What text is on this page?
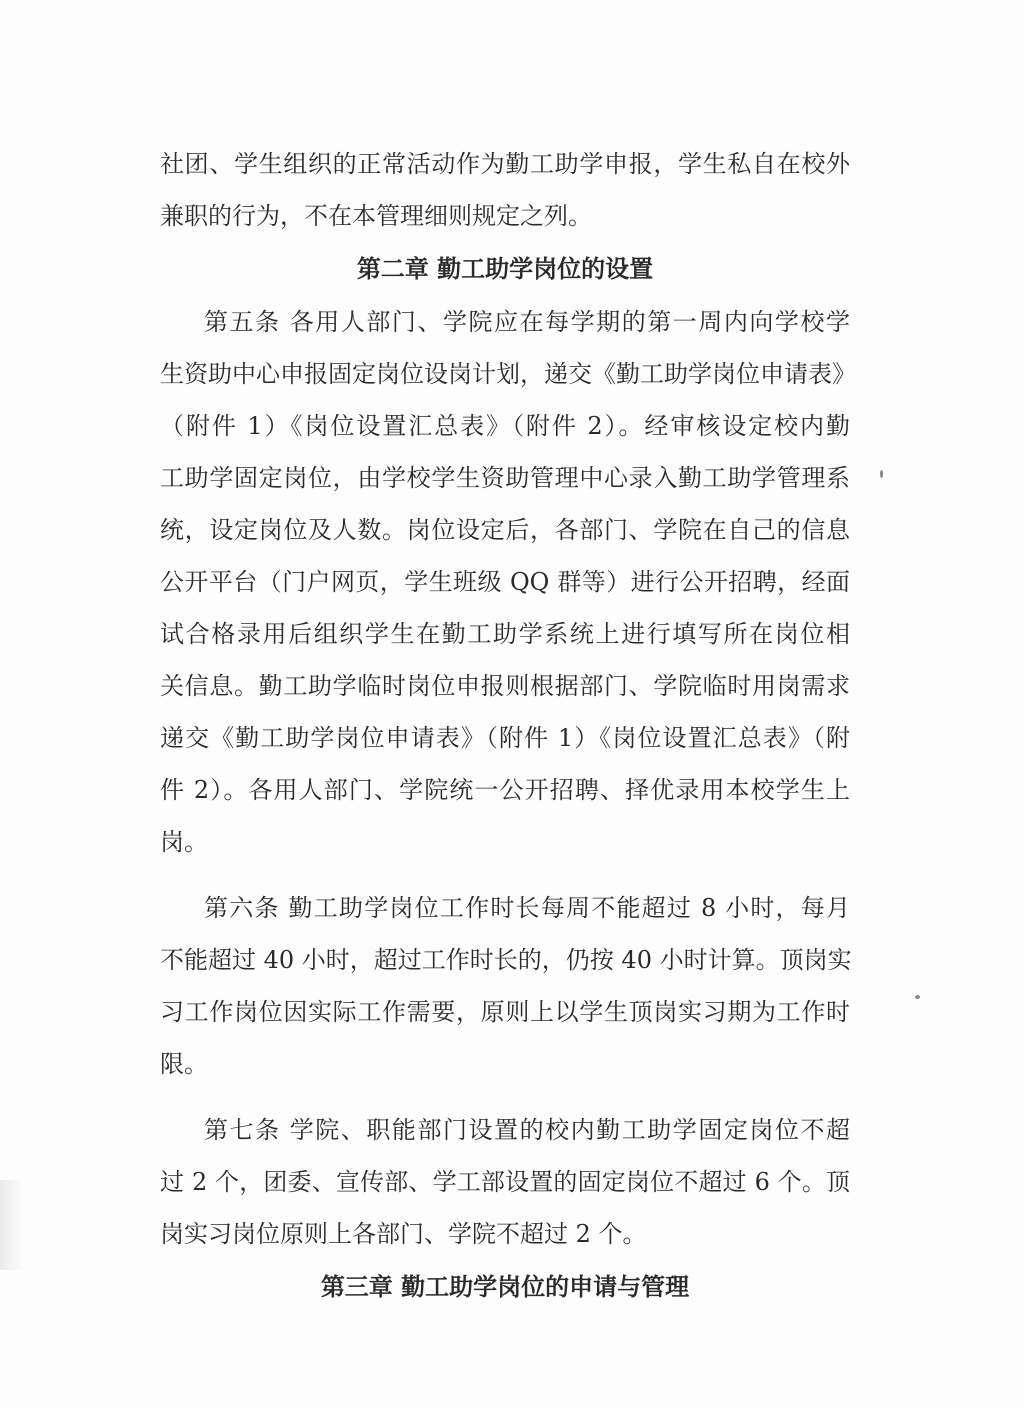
社团、学生组织的正常活动作为勤工助学申报，学生私自在校外
兼职的行为，不在本管理细则规定之列。
第二章 勤工助学岗位的设置
第五条 各用人部门、学院应在每学期的第一周内向学校学
生资助中心申报固定岗位设岗计划，递交《勤工助学岗位申请表》
（附件 1）《岗位设置汇总表》（附件 2）。经审核设定校内勤
工助学固定岗位，由学校学生资助管理中心录入勤工助学管理系
统，设定岗位及人数。岗位设定后，各部门、学院在自己的信息
公开平台（门户网页，学生班级 QQ 群等）进行公开招聘，经面
试合格录用后组织学生在勤工助学系统上进行填写所在岗位相
关信息。勤工助学临时岗位申报则根据部门、学院临时用岗需求
递交《勤工助学岗位申请表》（附件 1）《岗位设置汇总表》（附
件 2）。各用人部门、学院统一公开招聘、择优录用本校学生上
岗。
第六条 勤工助学岗位工作时长每周不能超过 8 小时，每月
不能超过 40 小时，超过工作时长的，仍按 40 小时计算。顶岗实
习工作岗位因实际工作需要，原则上以学生顶岗实习期为工作时
限。
第七条 学院、职能部门设置的校内勤工助学固定岗位不超
过 2 个，团委、宣传部、学工部设置的固定岗位不超过 6 个。顶
岗实习岗位原则上各部门、学院不超过 2 个。
第三章 勤工助学岗位的申请与管理
